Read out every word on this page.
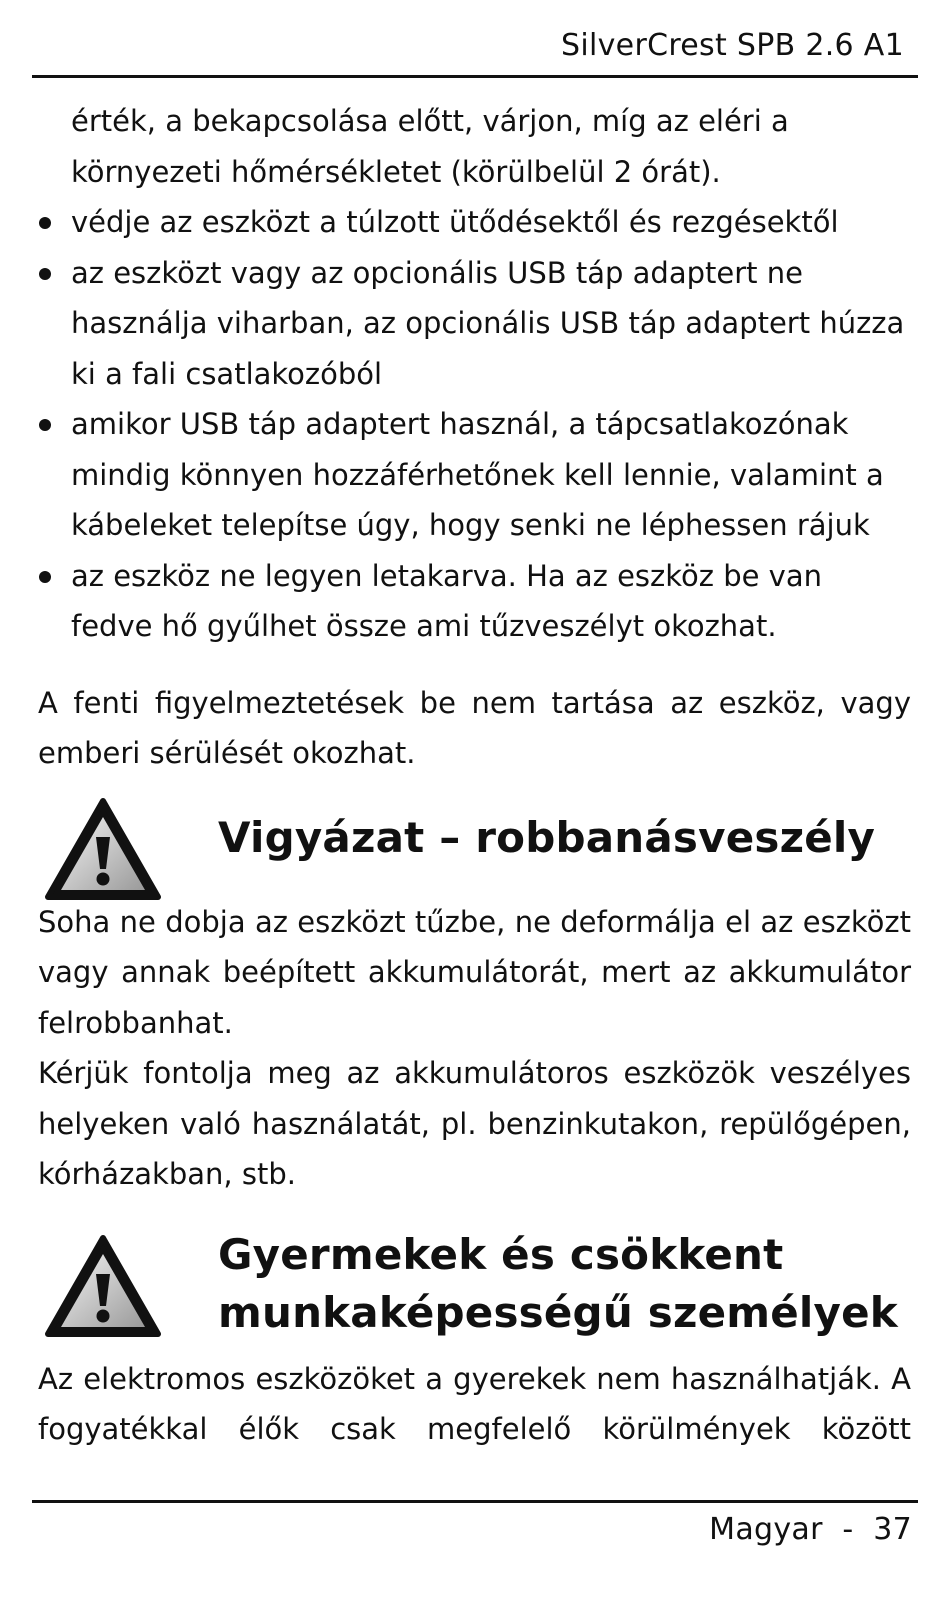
SilverCrest SPB 2.6 A1
érték, a bekapcsolása előtt, várjon, míg az eléri a környezeti hőmérsékletet (körülbelül 2 órát).
védje az eszközt a túlzott ütődésektől és rezgésektől
az eszközt vagy az opcionális USB táp adaptert ne használja viharban, az opcionális USB táp adaptert húzza ki a fali csatlakozóból
amikor USB táp adaptert használ, a tápcsatlakozónak mindig könnyen hozzáférhetőnek kell lennie, valamint a kábeleket telepítse úgy, hogy senki ne léphessen rájuk
az eszköz ne legyen letakarva. Ha az eszköz be van fedve hő gyűlhet össze ami tűzveszélyt okozhat.
A fenti figyelmeztetések be nem tartása az eszköz, vagy emberi sérülését okozhat.
Vigyázat – robbanásveszély
Soha ne dobja az eszközt tűzbe, ne deformálja el az eszközt vagy annak beépített akkumulátorát, mert az akkumulátor felrobbanhat.
Kérjük fontolja meg az akkumulátoros eszközök veszélyes helyeken való használatát, pl. benzinkutakon, repülőgépen, kórházakban, stb.
Gyermekek és csökkent
munkaképességű személyek
Az elektromos eszközöket a gyerekek nem használhatják. A fogyatékkal élők csak megfelelő körülmények között
Magyar  -  37
